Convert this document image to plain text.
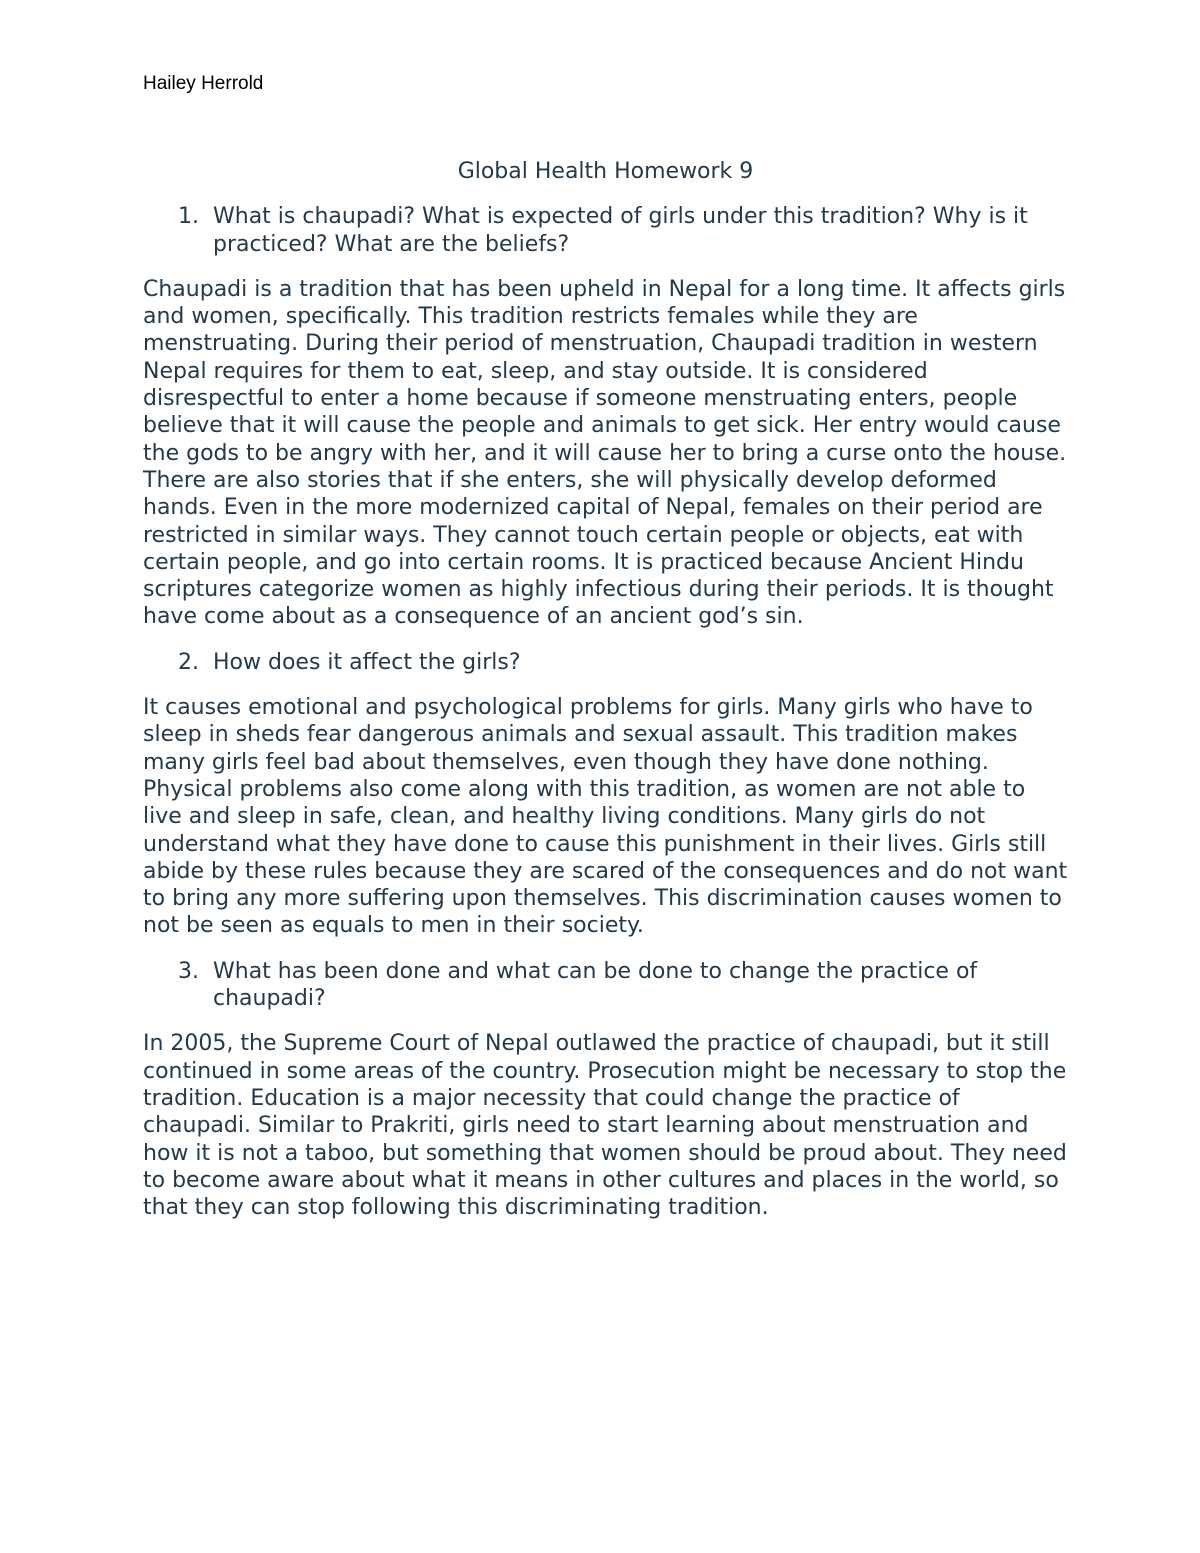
Hailey Herrold

Global Health Homework 9
1. What is chaupadi? What is expected of girls under this tradition? Why is it practiced? What are the beliefs?

Chaupadi is a tradition that has been upheld in Nepal for a long time. It affects girls and women, specifically. This tradition restricts females while they are menstruating. During their period of menstruation, Chaupadi tradition in western Nepal requires for them to eat, sleep, and stay outside. It is considered disrespectful to enter a home because if someone menstruating enters, people believe that it will cause the people and animals to get sick. Her entry would cause the gods to be angry with her, and it will cause her to bring a curse onto the house. There are also stories that if she enters, she will physically develop deformed hands. Even in the more modernized capital of Nepal, females on their period are restricted in similar ways. They cannot touch certain people or objects, eat with certain people, and go into certain rooms. It is practiced because Ancient Hindu scriptures categorize women as highly infectious during their periods. It is thought have come about as a consequence of an ancient god’s sin.

2. How does it affect the girls?

It causes emotional and psychological problems for girls. Many girls who have to sleep in sheds fear dangerous animals and sexual assault. This tradition makes many girls feel bad about themselves, even though they have done nothing. Physical problems also come along with this tradition, as women are not able to live and sleep in safe, clean, and healthy living conditions. Many girls do not understand what they have done to cause this punishment in their lives. Girls still abide by these rules because they are scared of the consequences and do not want to bring any more suffering upon themselves. This discrimination causes women to not be seen as equals to men in their society.

3. What has been done and what can be done to change the practice of chaupadi?

In 2005, the Supreme Court of Nepal outlawed the practice of chaupadi, but it still continued in some areas of the country. Prosecution might be necessary to stop the tradition. Education is a major necessity that could change the practice of chaupadi. Similar to Prakriti, girls need to start learning about menstruation and how it is not a taboo, but something that women should be proud about. They need to become aware about what it means in other cultures and places in the world, so that they can stop following this discriminating tradition.
